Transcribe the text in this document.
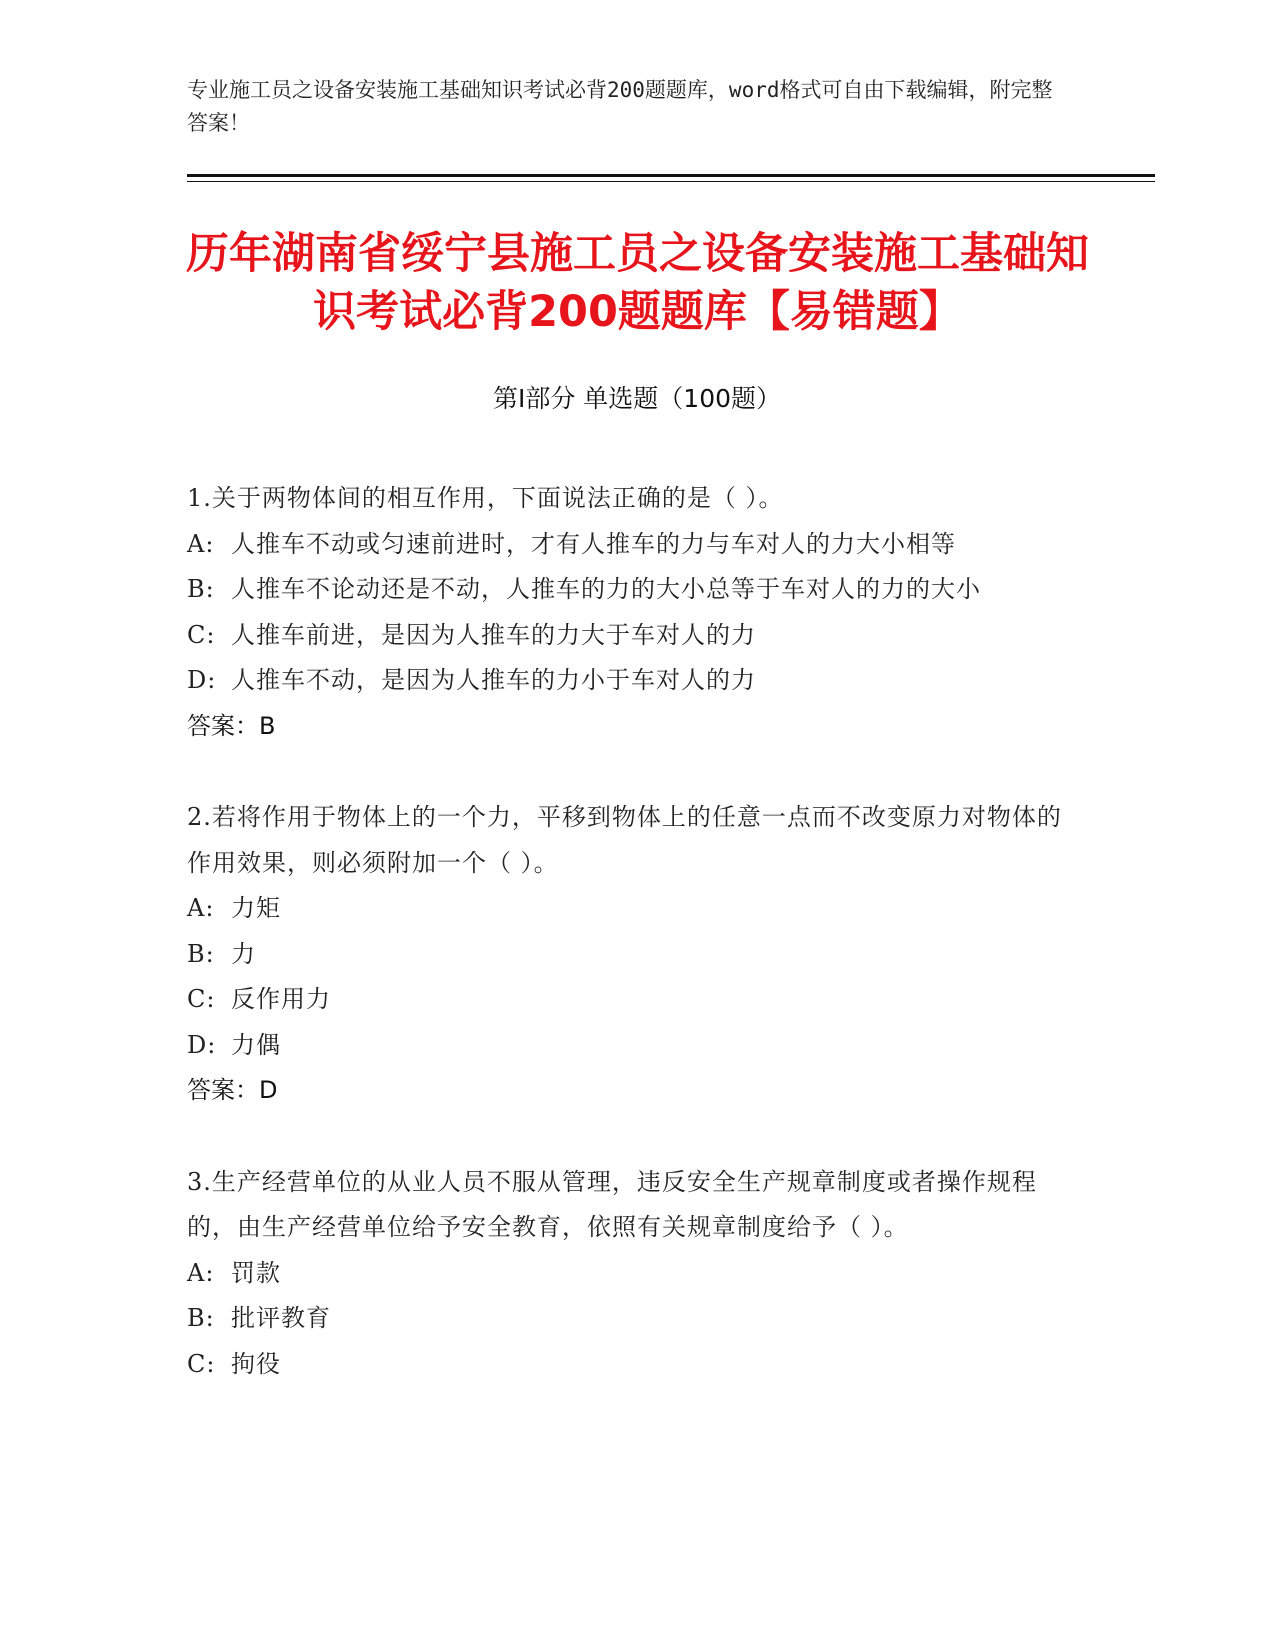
专业施工员之设备安装施工基础知识考试必背200题题库，word格式可自由下载编辑，附完整答案！
历年湖南省绥宁县施工员之设备安装施工基础知识考试必背200题题库【易错题】
第Ⅰ部分 单选题（100题）
1.关于两物体间的相互作用，下面说法正确的是（ ）。
A: 人推车不动或匀速前进时，才有人推车的力与车对人的力大小相等
B: 人推车不论动还是不动，人推车的力的大小总等于车对人的力的大小
C: 人推车前进，是因为人推车的力大于车对人的力
D: 人推车不动，是因为人推车的力小于车对人的力
答案：B
2.若将作用于物体上的一个力，平移到物体上的任意一点而不改变原力对物体的作用效果，则必须附加一个（ ）。
A: 力矩
B: 力
C: 反作用力
D: 力偶
答案：D
3.生产经营单位的从业人员不服从管理，违反安全生产规章制度或者操作规程的，由生产经营单位给予安全教育，依照有关规章制度给予（ ）。
A: 罚款
B: 批评教育
C: 拘役
